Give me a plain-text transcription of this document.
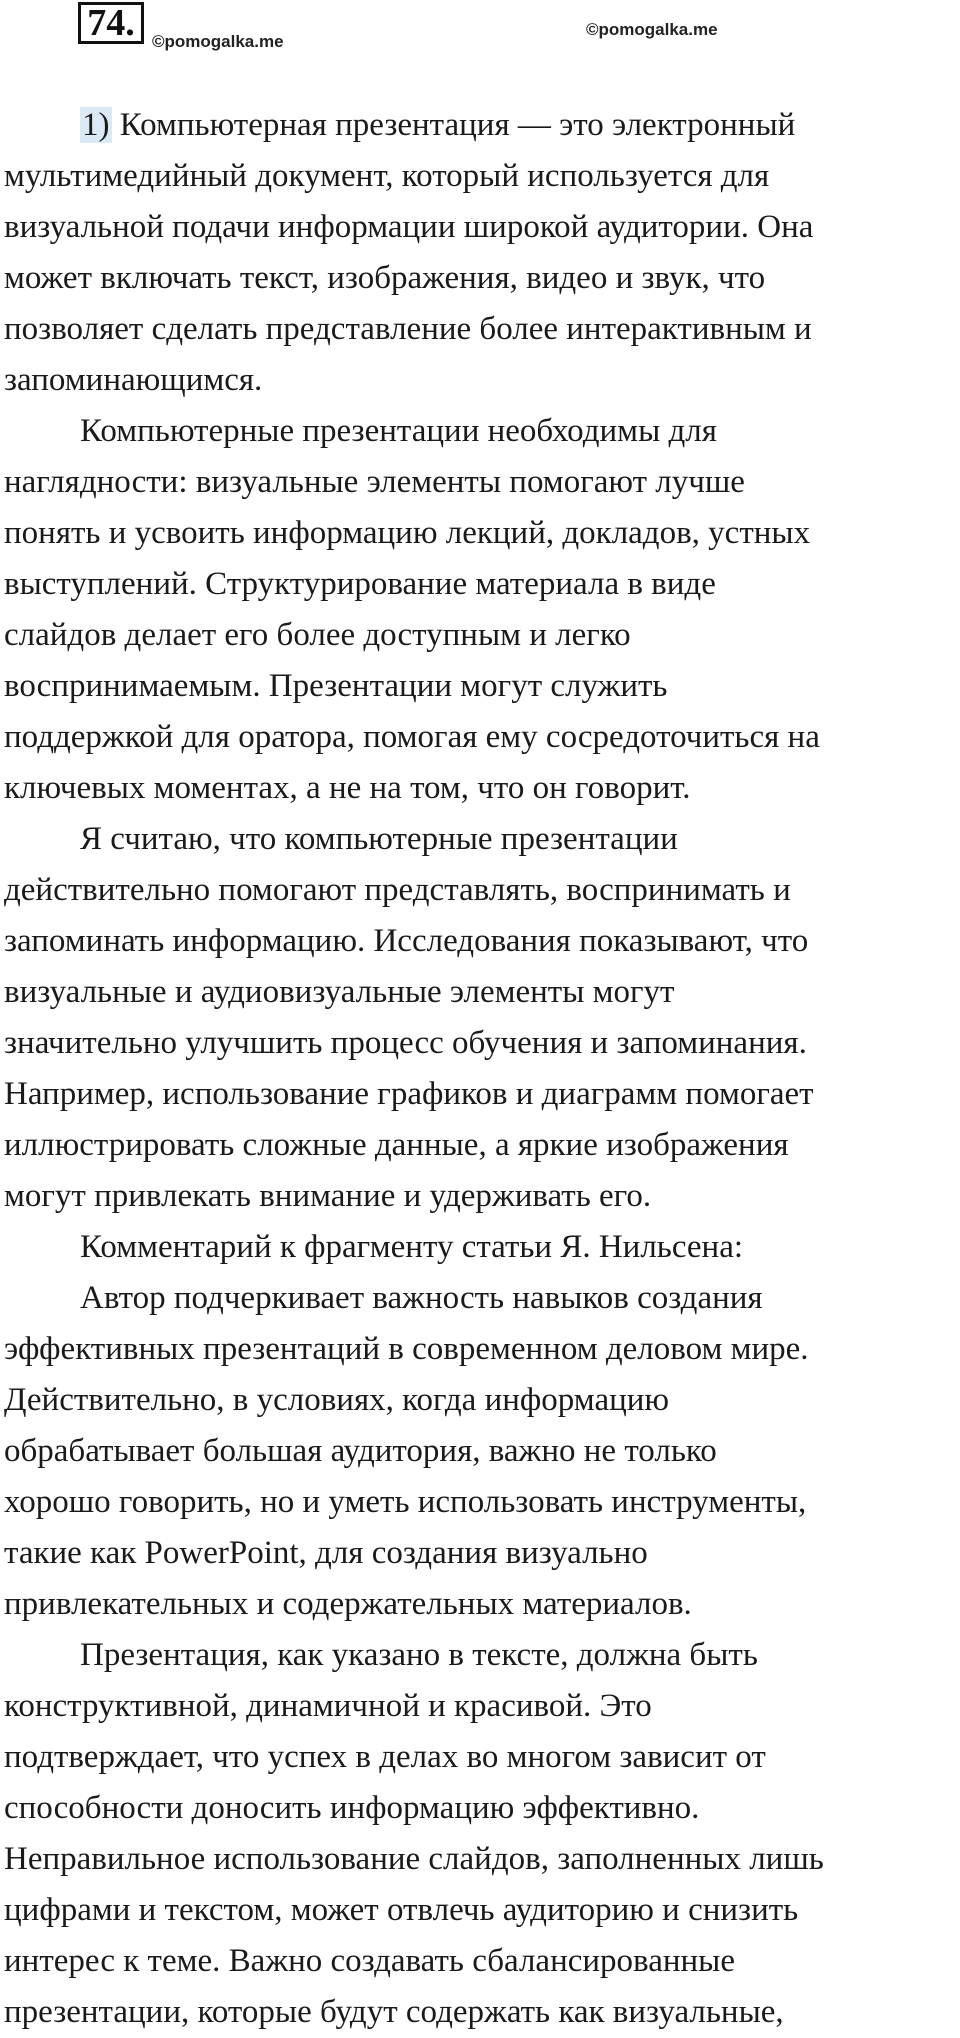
74.	©pomogalka.me
©pomogalka.me

1) Компьютерная презентация — это электронный
мультимедийный документ, который используется для
визуальной подачи информации широкой аудитории. Она
может включать текст, изображения, видео и звук, что
позволяет сделать представление более интерактивным и
запоминающимся.

Компьютерные презентации необходимы для
наглядности: визуальные элементы помогают лучше
понять и усвоить информацию лекций, докладов, устных
выступлений. Структурирование материала в виде
слайдов делает его более доступным и легко
воспринимаемым. Презентации могут служить
поддержкой для оратора, помогая ему сосредоточиться на
ключевых моментах, а не на том, что он говорит.

Я считаю, что компьютерные презентации
действительно помогают представлять, воспринимать и
запоминать информацию. Исследования показывают, что
визуальные и аудиовизуальные элементы могут
значительно улучшить процесс обучения и запоминания.
Например, использование графиков и диаграмм помогает
иллюстрировать сложные данные, а яркие изображения
могут привлекать внимание и удерживать его.

Комментарий к фрагменту статьи Я. Нильсена:

Автор подчеркивает важность навыков создания
эффективных презентаций в современном деловом мире.
Действительно, в условиях, когда информацию
обрабатывает большая аудитория, важно не только
хорошо говорить, но и уметь использовать инструменты,
такие как PowerPoint, для создания визуально
привлекательных и содержательных материалов.

Презентация, как указано в тексте, должна быть
конструктивной, динамичной и красивой. Это
подтверждает, что успех в делах во многом зависит от
способности доносить информацию эффективно.
Неправильное использование слайдов, заполненных лишь
цифрами и текстом, может отвлечь аудиторию и снизить
интерес к теме. Важно создавать сбалансированные
презентации, которые будут содержать как визуальные,
